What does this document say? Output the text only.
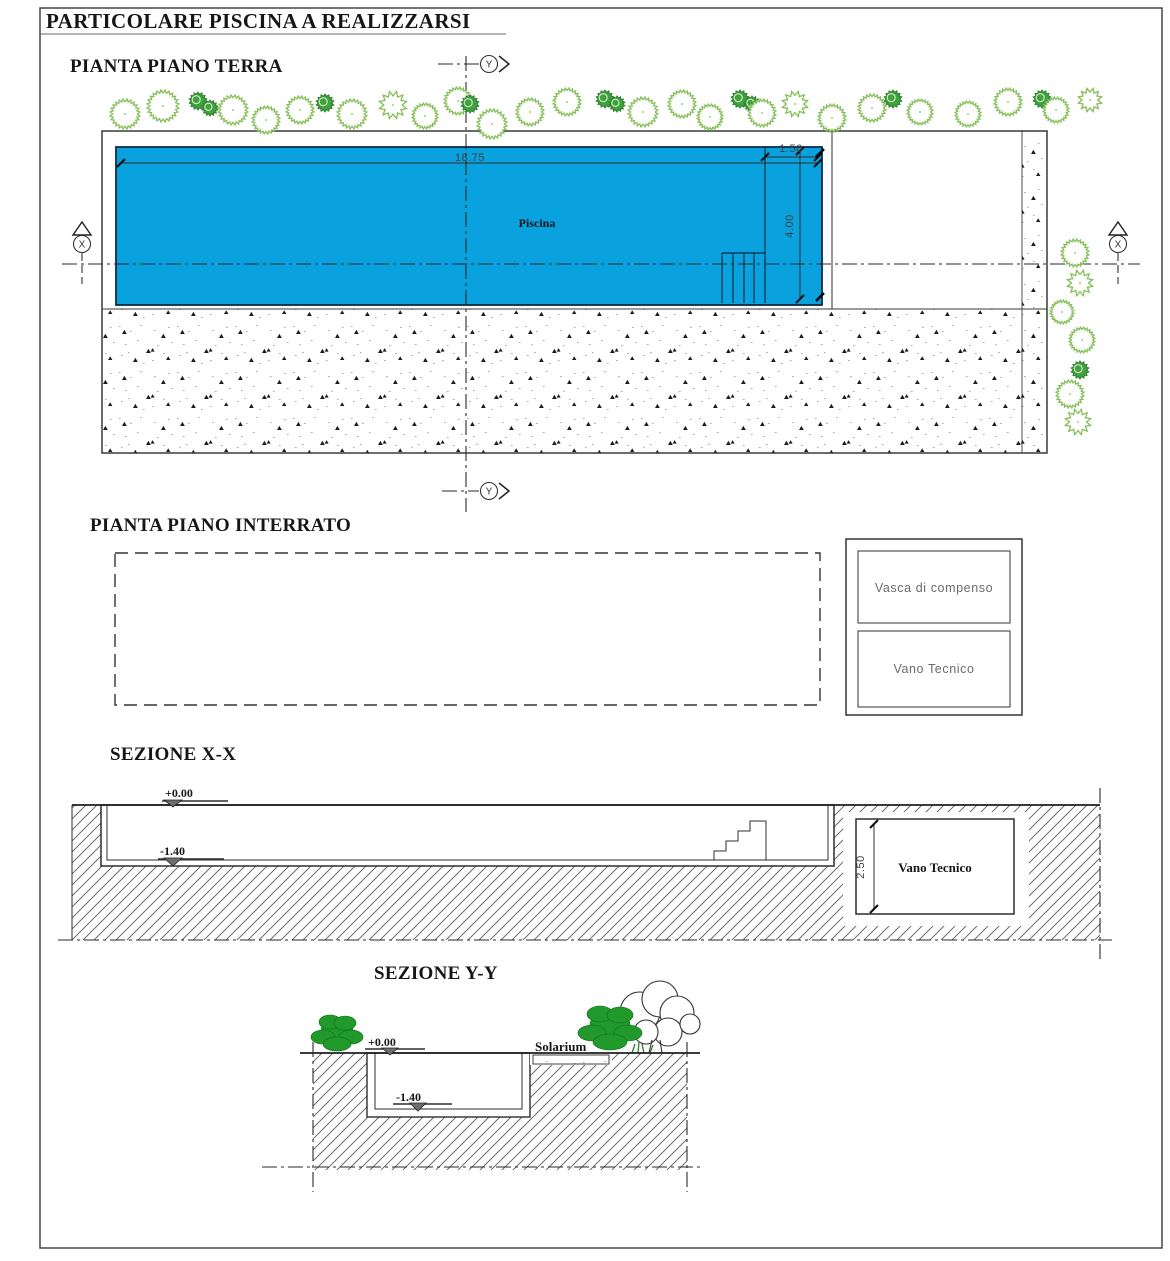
PARTICOLARE PISCINA A REALIZZARSI
PIANTA PIANO TERRA
18.75
1.50
4.00
Piscina
X	X
Y
Y
PIANTA PIANO INTERRATO
Vasca di compenso
Vano Tecnico
SEZIONE X-X
+0.00
-1.40
Vano Tecnico
2.50
SEZIONE Y-Y
+0.00
-1.40
Solarium
